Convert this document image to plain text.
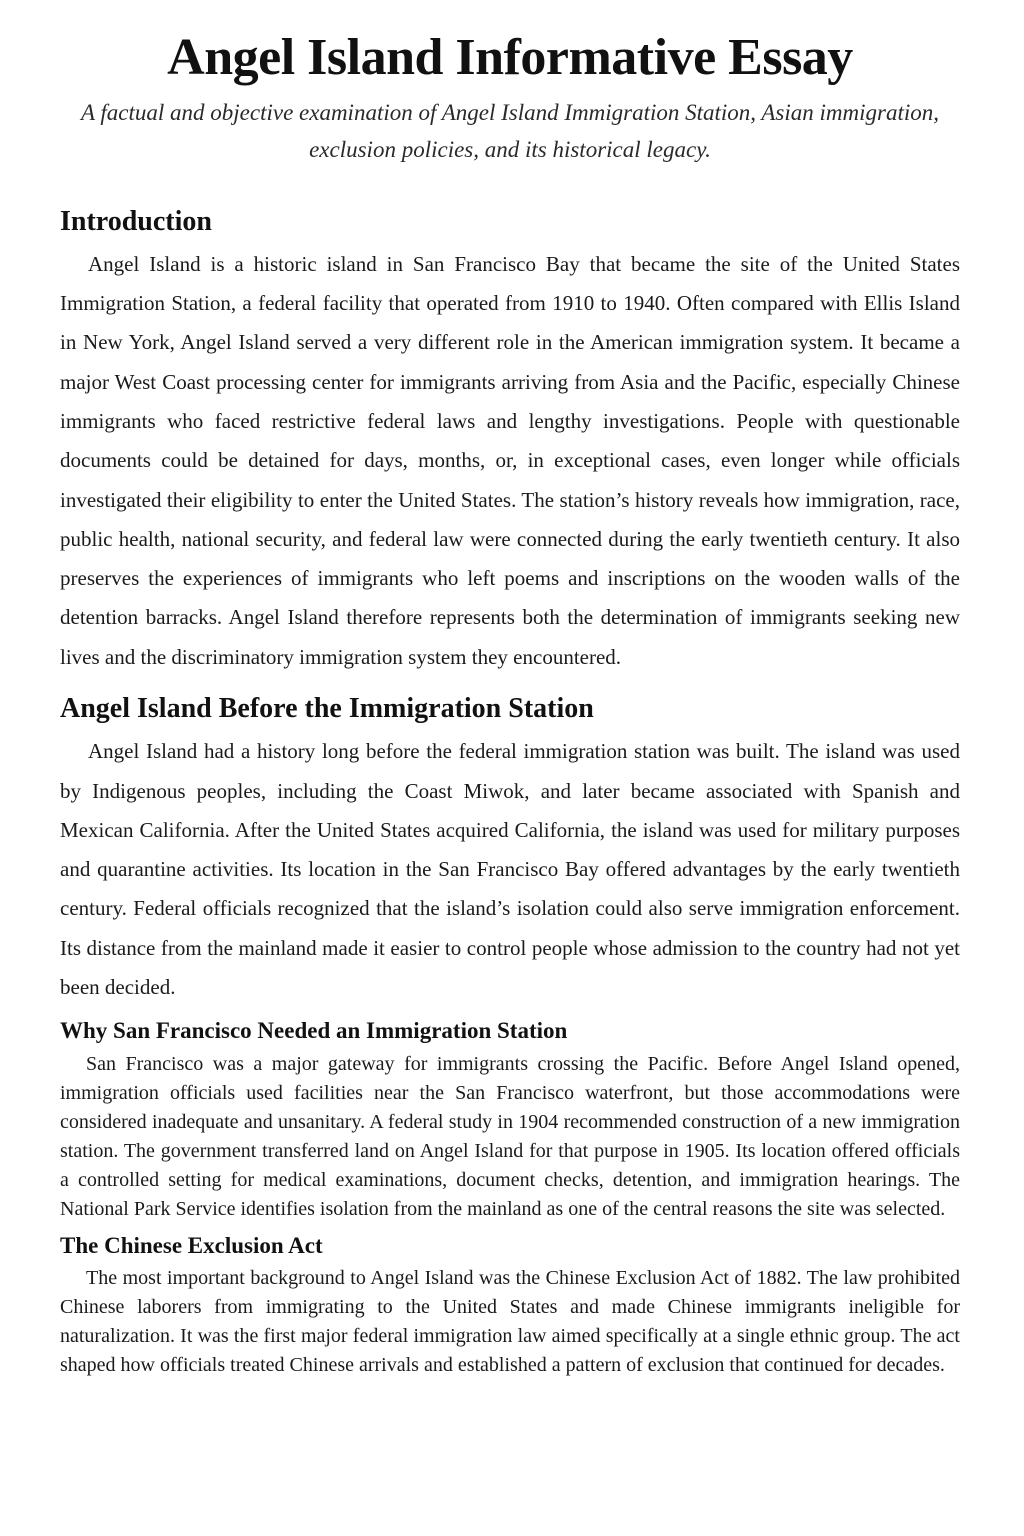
Angel Island Informative Essay

A factual and objective examination of Angel Island Immigration Station, Asian immigration, exclusion policies, and its historical legacy.

Introduction

Angel Island is a historic island in San Francisco Bay that became the site of the United States Immigration Station, a federal facility that operated from 1910 to 1940. Often compared with Ellis Island in New York, Angel Island served a very different role in the American immigration system. It became a major West Coast processing center for immigrants arriving from Asia and the Pacific, especially Chinese immigrants who faced restrictive federal laws and lengthy investigations. People with questionable documents could be detained for days, months, or, in exceptional cases, even longer while officials investigated their eligibility to enter the United States. The station’s history reveals how immigration, race, public health, national security, and federal law were connected during the early twentieth century. It also preserves the experiences of immigrants who left poems and inscriptions on the wooden walls of the detention barracks. Angel Island therefore represents both the determination of immigrants seeking new lives and the discriminatory immigration system they encountered.

Angel Island Before the Immigration Station

Angel Island had a history long before the federal immigration station was built. The island was used by Indigenous peoples, including the Coast Miwok, and later became associated with Spanish and Mexican California. After the United States acquired California, the island was used for military purposes and quarantine activities. Its location in the San Francisco Bay offered advantages by the early twentieth century. Federal officials recognized that the island’s isolation could also serve immigration enforcement. Its distance from the mainland made it easier to control people whose admission to the country had not yet been decided.

Why San Francisco Needed an Immigration Station

San Francisco was a major gateway for immigrants crossing the Pacific. Before Angel Island opened, immigration officials used facilities near the San Francisco waterfront, but those accommodations were considered inadequate and unsanitary. A federal study in 1904 recommended construction of a new immigration station. The government transferred land on Angel Island for that purpose in 1905. Its location offered officials a controlled setting for medical examinations, document checks, detention, and immigration hearings. The National Park Service identifies isolation from the mainland as one of the central reasons the site was selected.

The Chinese Exclusion Act

The most important background to Angel Island was the Chinese Exclusion Act of 1882. The law prohibited Chinese laborers from immigrating to the United States and made Chinese immigrants ineligible for naturalization. It was the first major federal immigration law aimed specifically at a single ethnic group. The act shaped how officials treated Chinese arrivals and established a pattern of exclusion that continued for decades.
